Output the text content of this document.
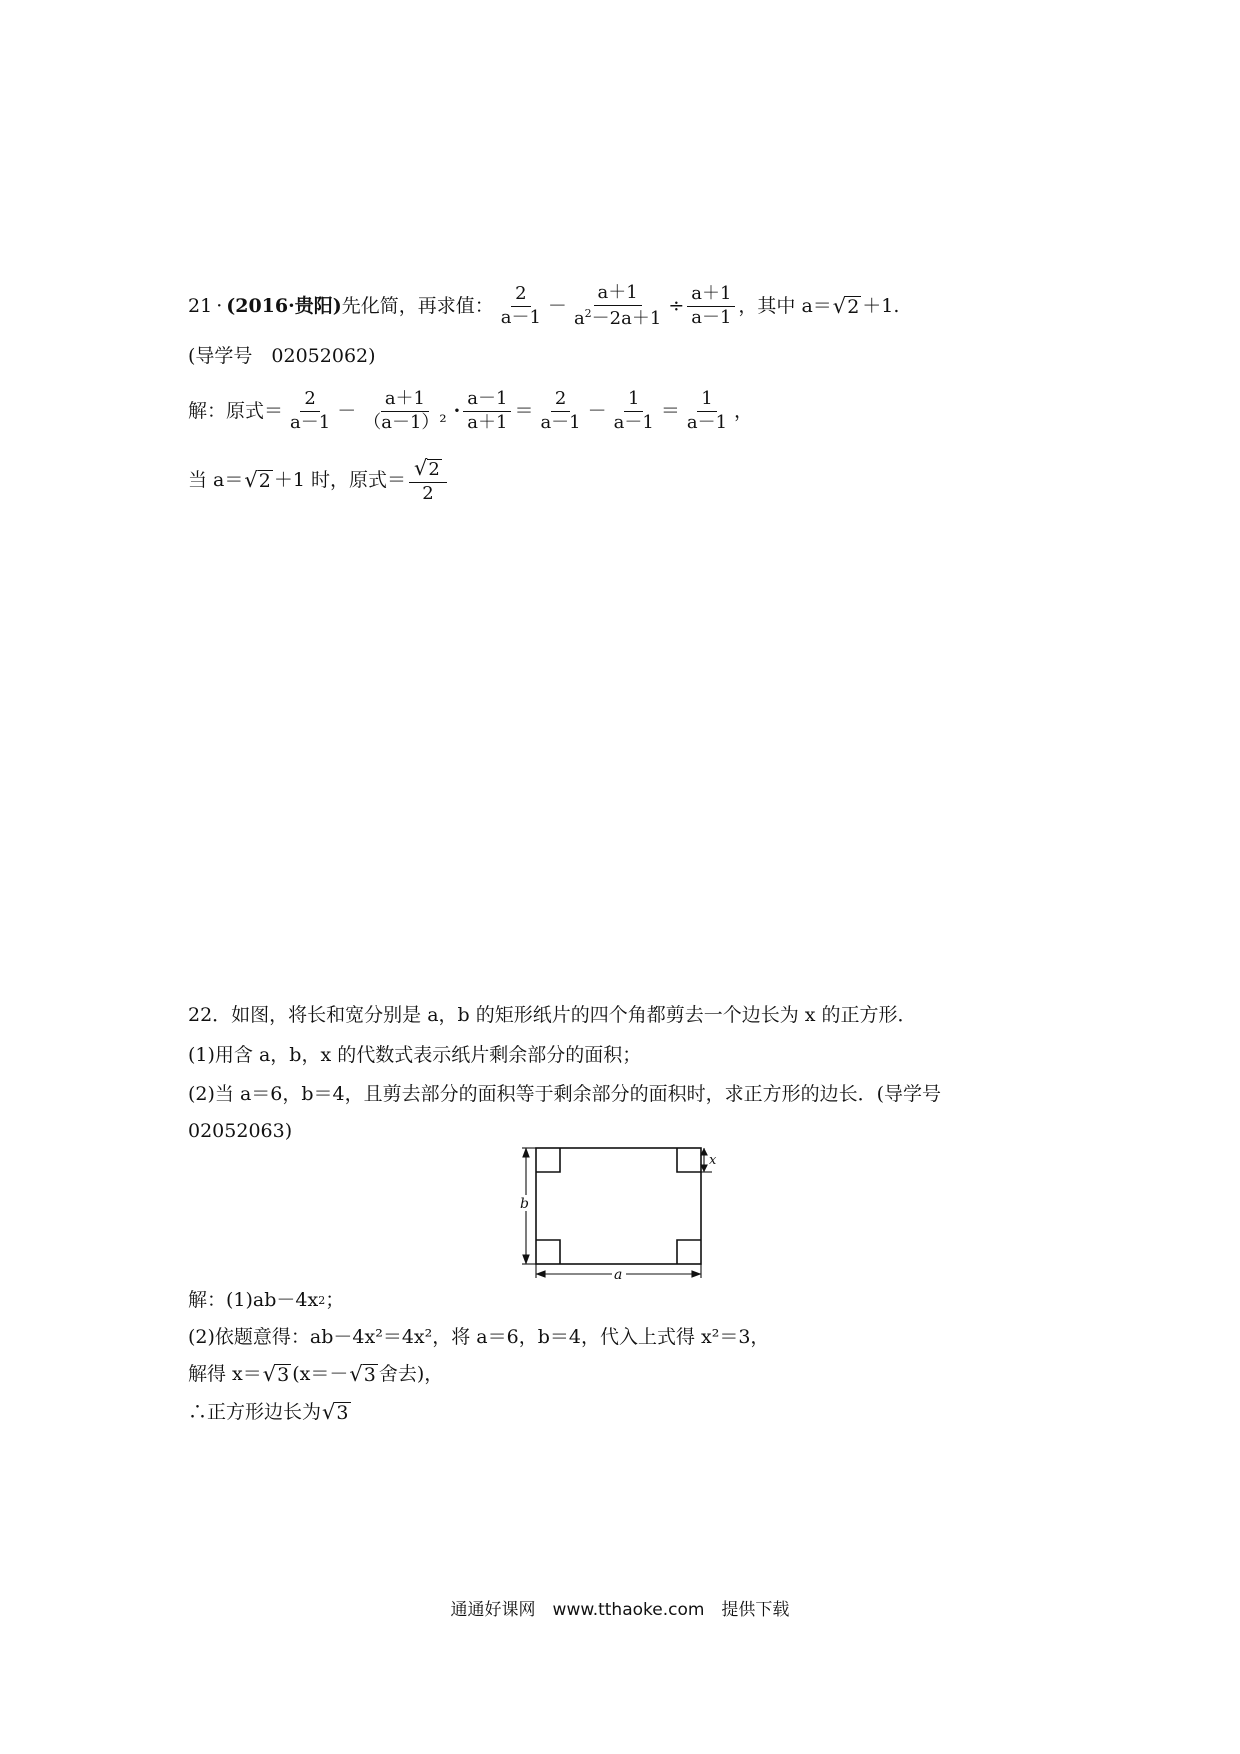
21 · (2016·贵阳) 先化简，再求值： $\frac{2}{a-1} - \frac{a+1}{a^2-2a+1} \div \frac{a+1}{a-1}$ ，其中 a＝ √ 2 ＋1.
(导学号　02052062)
解：原式＝ $\frac{2}{a-1} - \frac{a+1}{\text{（a－1）²}} \cdot \frac{a-1}{a+1} = \frac{2}{a-1} - \frac{1}{a-1} = \frac{1}{a-1}$ ，
当 a＝ √ 2 ＋1 时，原式＝ $\frac{√ 2}{2}$
22．如图，将长和宽分别是 a，b 的矩形纸片的四个角都剪去一个边长为 x 的正方形．
(1)用含 a，b，x 的代数式表示纸片剩余部分的面积；
(2)当 a＝6，b＝4，且剪去部分的面积等于剩余部分的面积时，求正方形的边长．(导学号
02052063)
b
a
x
解：(1)ab－4x 2 ；
(2)依题意得：ab－4x²＝4x²，将 a＝6，b＝4，代入上式得 x²＝3，
解得 x＝ √ 3 (x＝－ √ 3 舍去)，
∴正方形边长为 √ 3
通通好课网　www.tthaoke.com　提供下载
